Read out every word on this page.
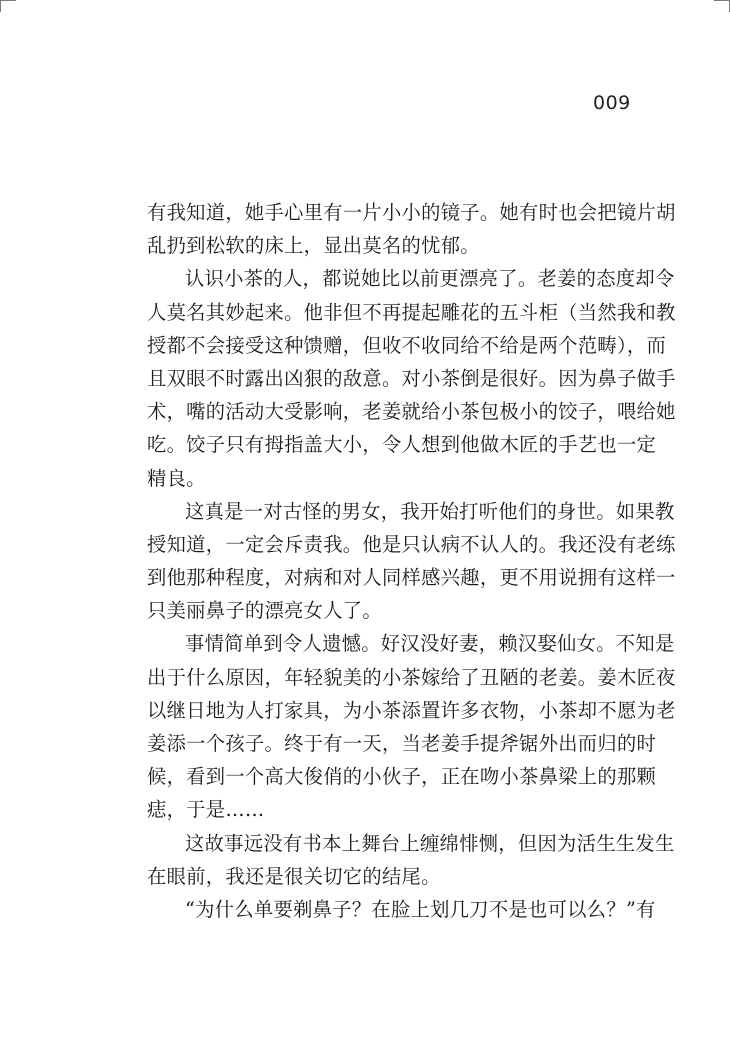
009
有我知道，她手心里有一片小小的镜子。她有时也会把镜片胡
乱扔到松软的床上，显出莫名的忧郁。
认识小茶的人，都说她比以前更漂亮了。老姜的态度却令
人莫名其妙起来。他非但不再提起雕花的五斗柜（当然我和教
授都不会接受这种馈赠，但收不收同给不给是两个范畴），而
且双眼不时露出凶狠的敌意。对小茶倒是很好。因为鼻子做手
术，嘴的活动大受影响，老姜就给小茶包极小的饺子，喂给她
吃。饺子只有拇指盖大小，令人想到他做木匠的手艺也一定
精良。
这真是一对古怪的男女，我开始打听他们的身世。如果教
授知道，一定会斥责我。他是只认病不认人的。我还没有老练
到他那种程度，对病和对人同样感兴趣，更不用说拥有这样一
只美丽鼻子的漂亮女人了。
事情简单到令人遗憾。好汉没好妻，赖汉娶仙女。不知是
出于什么原因，年轻貌美的小茶嫁给了丑陋的老姜。姜木匠夜
以继日地为人打家具，为小茶添置许多衣物，小茶却不愿为老
姜添一个孩子。终于有一天，当老姜手提斧锯外出而归的时
候，看到一个高大俊俏的小伙子，正在吻小茶鼻梁上的那颗
痣，于是……
这故事远没有书本上舞台上缠绵悱恻，但因为活生生发生
在眼前，我还是很关切它的结尾。
“为什么单要剃鼻子？在脸上划几刀不是也可以么？”有
